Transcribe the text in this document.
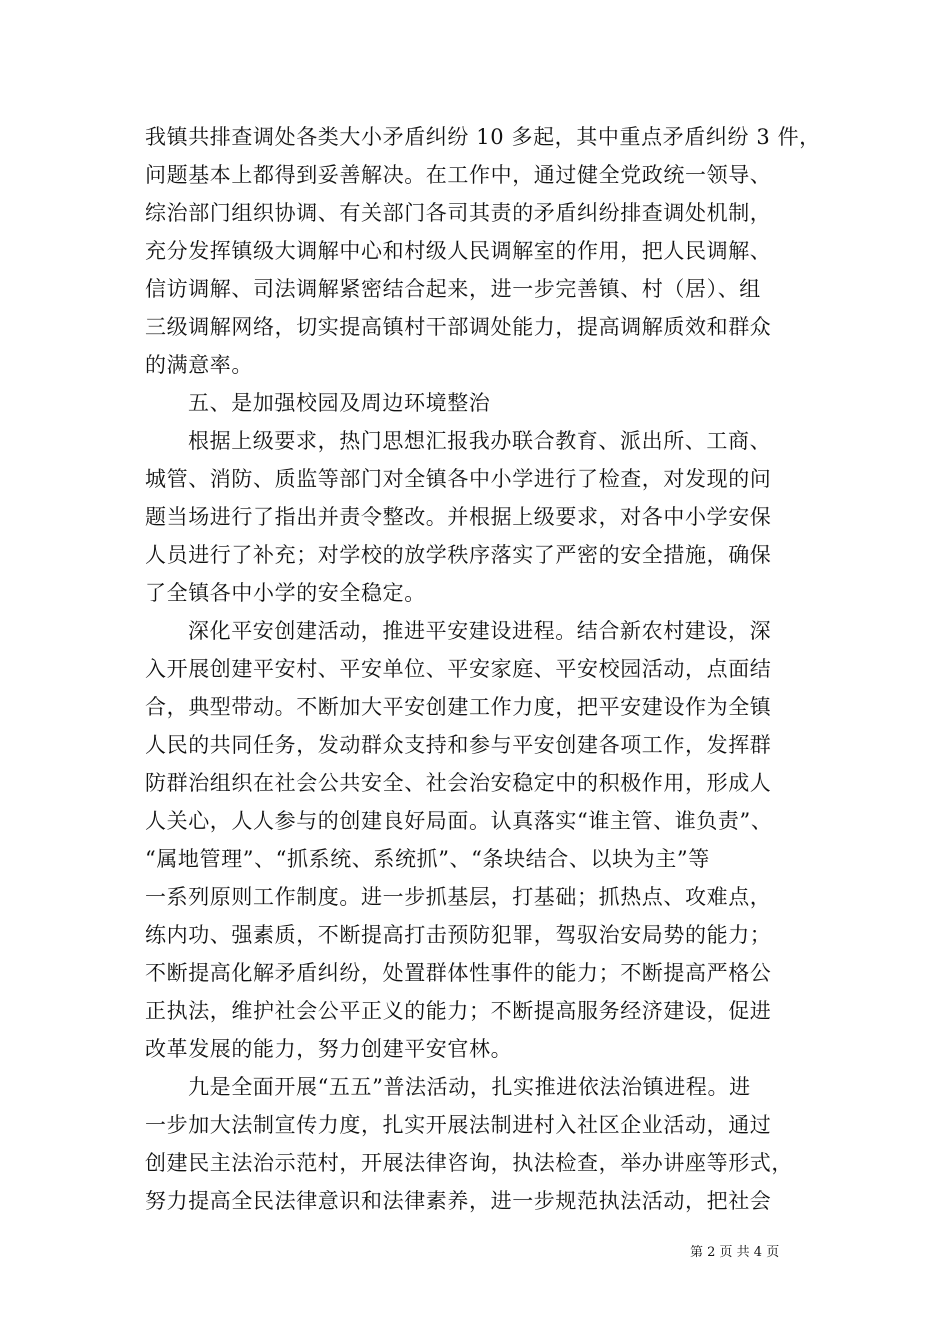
我镇共排查调处各类大小矛盾纠纷 10 多起，其中重点矛盾纠纷 3 件，
问题基本上都得到妥善解决。在工作中，通过健全党政统一领导、
综治部门组织协调、有关部门各司其责的矛盾纠纷排查调处机制，
充分发挥镇级大调解中心和村级人民调解室的作用，把人民调解、
信访调解、司法调解紧密结合起来，进一步完善镇、村（居）、组
三级调解网络，切实提高镇村干部调处能力，提高调解质效和群众
的满意率。
五、是加强校园及周边环境整治
根据上级要求，热门思想汇报我办联合教育、派出所、工商、
城管、消防、质监等部门对全镇各中小学进行了检查，对发现的问
题当场进行了指出并责令整改。并根据上级要求，对各中小学安保
人员进行了补充；对学校的放学秩序落实了严密的安全措施，确保
了全镇各中小学的安全稳定。
深化平安创建活动，推进平安建设进程。结合新农村建设，深
入开展创建平安村、平安单位、平安家庭、平安校园活动，点面结
合，典型带动。不断加大平安创建工作力度，把平安建设作为全镇
人民的共同任务，发动群众支持和参与平安创建各项工作，发挥群
防群治组织在社会公共安全、社会治安稳定中的积极作用，形成人
人关心，人人参与的创建良好局面。认真落实“谁主管、谁负责”、
“属地管理”、“抓系统、系统抓”、“条块结合、以块为主”等
一系列原则工作制度。进一步抓基层，打基础；抓热点、攻难点，
练内功、强素质，不断提高打击预防犯罪，驾驭治安局势的能力；
不断提高化解矛盾纠纷，处置群体性事件的能力；不断提高严格公
正执法，维护社会公平正义的能力；不断提高服务经济建设，促进
改革发展的能力，努力创建平安官林。
九是全面开展“五五”普法活动，扎实推进依法治镇进程。进
一步加大法制宣传力度，扎实开展法制进村入社区企业活动，通过
创建民主法治示范村，开展法律咨询，执法检查，举办讲座等形式，
努力提高全民法律意识和法律素养，进一步规范执法活动，把社会
第 2 页 共 4 页
